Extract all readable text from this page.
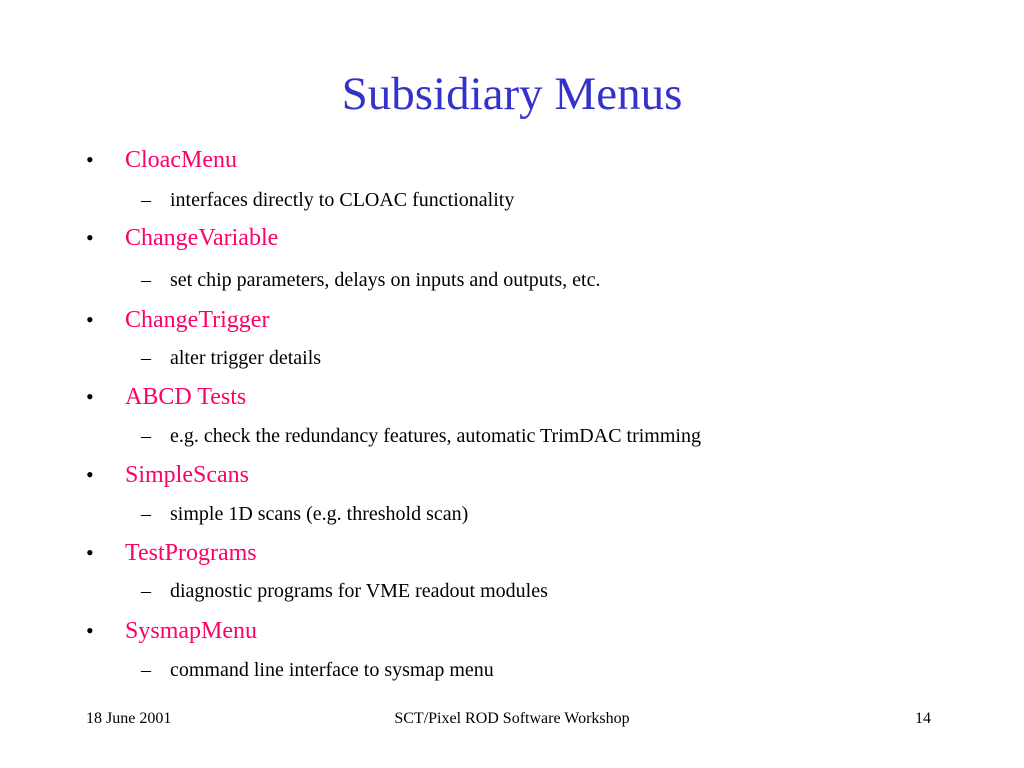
Subsidiary Menus
• CloacMenu
– interfaces directly to CLOAC functionality
• ChangeVariable
– set chip parameters, delays on inputs and outputs, etc.
• ChangeTrigger
– alter trigger details
• ABCD Tests
– e.g. check the redundancy features, automatic TrimDAC trimming
• SimpleScans
– simple 1D scans (e.g. threshold scan)
• TestPrograms
– diagnostic programs for VME readout modules
• SysmapMenu
– command line interface to sysmap menu
18 June 2001	SCT/Pixel ROD Software Workshop	14
